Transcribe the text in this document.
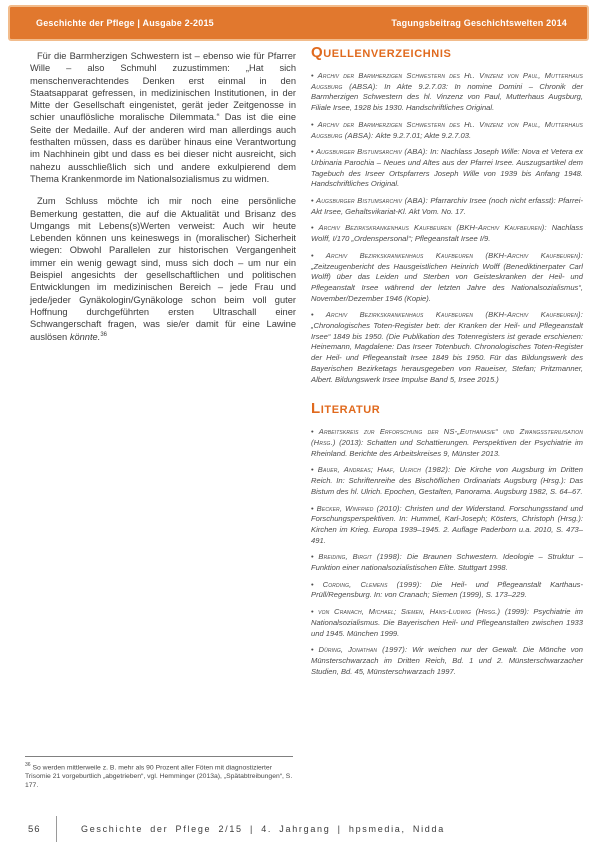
Geschichte der Pflege | Ausgabe 2-2015	Tagungsbeitrag Geschichtswelten 2014

Für die Barmherzigen Schwestern ist – ebenso wie für Pfarrer Wille – also Schmuhl zuzustimmen: „Hat sich menschenverachtendes Denken erst einmal in den Staatsapparat gefressen, in medizinischen Institutionen, in der Mitte der Gesellschaft eingenistet, gerät jeder Zeitgenosse in schier unauflösliche moralische Dilemmata.“ Das ist die eine Seite der Medaille. Auf der anderen wird man allerdings auch festhalten müssen, dass es darüber hinaus eine Verantwortung im Nachhinein gibt und dass es bei dieser nicht ausreicht, sich nahezu ausschließlich sich und andere exkulpierend dem Thema Krankenmorde im Nationalsozialismus zu widmen.

Zum Schluss möchte ich mir noch eine persönliche Bemerkung gestatten, die auf die Aktualität und Brisanz des Umgangs mit Lebens(s)Werten verweist: Auch wir heute Lebenden können uns keineswegs in (moralischer) Sicherheit wiegen: Obwohl Parallelen zur historischen Vergangenheit immer ein wenig gewagt sind, muss sich doch – um nur ein Beispiel angesichts der gesellschaftlichen und politischen Entwicklungen im medizinischen Bereich – jede Frau und jede/jeder Gynäkologin/Gynäkologe schon beim voll guter Hoffnung durchgeführten ersten Ultraschall einer Schwangerschaft fragen, was sie/er damit für eine Lawine auslösen könnte.$^{36}$

Quellenverzeichnis

• Archiv der Barmherzigen Schwestern des Hl. Vinzenz von Paul, Mutterhaus Augsburg (ABSA): In Akte 9.2.7.03: In nomine Domini – Chronik der Barmherzigen Schwestern des hl. Vinzenz von Paul, Mutterhaus Augsburg, Filiale Irsee, 1928 bis 1930. Handschriftliches Original.

• Archiv der Barmherzigen Schwestern des Hl. Vinzenz von Paul, Mutterhaus Augsburg (ABSA): Akte 9.2.7.01; Akte 9.2.7.03.

• Augsburger Bistumsarchiv (ABA): In: Nachlass Joseph Wille: Nova et Vetera ex Urbinaria Parochia – Neues und Altes aus der Pfarrei Irsee. Auszugsartikel dem Tagebuch des Irseer Ortspfarrers Joseph Wille von 1939 bis Anfang 1948. Handschriftliches Original.

• Augsburger Bistumsarchiv (ABA): Pfarrarchiv Irsee (noch nicht erfasst): Pfarrei-Akt Irsee, Gehaltsvikariat-Kl. Akt Vom. No. 17.

• Archiv Bezirkskrankenhaus Kaufbeuren (BKH-Archiv Kaufbeuren): Nachlass Wolff, I/170 „Ordenspersonal“; Pflegeanstalt Irsee I/9.

• Archiv Bezirkskrankenhaus Kaufbeuren (BKH-Archiv Kaufbeuren): „Zeitzeugenbericht des Hausgeistlichen Heinrich Wolff (Benediktinerpater Carl Wolff) über das Leiden und Sterben von Geisteskranken der Heil- und Pflegeanstalt Irsee während der letzten Jahre des Nationalsozialismus“, November/Dezember 1946 (Kopie).

• Archiv Bezirkskrankenhaus Kaufbeuren (BKH-Archiv Kaufbeuren): „Chronologisches Toten-Register betr. der Kranken der Heil- und Pflegeanstalt Irsee“ 1849 bis 1950. (Die Publikation des Totenregisters ist gerade erschienen: Heinemann, Magdalene: Das Irseer Totenbuch. Chronologisches Toten-Register der Heil- und Pflegeanstalt Irsee 1849 bis 1950. Für das Bildungswerk des Bayerischen Bezirketags herausgegeben von Raueiser, Stefan; Pritzmanner, Albert. Bildungswerk Irsee Impulse Band 5, Irsee 2015.)

Literatur

• Arbeitskreis zur Erforschung der NS-„Euthanasie“ und Zwangssterilisation (Hrsg.) (2013): Schatten und Schattierungen. Perspektiven der Psychiatrie im Rheinland. Berichte des Arbeitskreises 9, Münster 2013.

• Bauer, Andreas; Haaf, Ulrich (1982): Die Kirche von Augsburg im Dritten Reich. In: Schriftenreihe des Bischöflichen Ordinariats Augsburg (Hrsg.): Das Bistum des hl. Ulrich. Epochen, Gestalten, Panorama. Augsburg 1982, S. 64–67.

• Becker, Winfried (2010): Christen und der Widerstand. Forschungsstand und Forschungsperspektiven. In: Hummel, Karl-Joseph; Kösters, Christoph (Hrsg.): Kirchen im Krieg. Europa 1939–1945. 2. Auflage Paderborn u.a. 2010, S. 473–491.

• Breiding, Birgit (1998): Die Braunen Schwestern. Ideologie – Struktur – Funktion einer nationalsozialistischen Elite. Stuttgart 1998.

• Cording, Clemens (1999): Die Heil- und Pflegeanstalt Karthaus-Prüll/Regensburg. In: von Cranach; Siemen (1999), S. 173–229.

• von Cranach, Michael; Siemen, Hans-Ludwig (Hrsg.) (1999): Psychiatrie im Nationalsozialismus. Die Bayerischen Heil- und Pflegeanstalten zwischen 1933 und 1945. München 1999.

• Düring, Jonathan (1997): Wir weichen nur der Gewalt. Die Mönche von Münsterschwarzach im Dritten Reich, Bd. 1 und 2. Münsterschwarzacher Studien, Bd. 45, Münsterschwarzach 1997.

$^{36}$ So werden mittlerweile z. B. mehr als 90 Prozent aller Föten mit diagnostizierter Trisomie 21 vorgeburtlich „abgetrieben“, vgl. Hemminger (2013a), „Spätabtreibungen“, S. 177.
56	Geschichte der Pflege 2/15 | 4. Jahrgang | hpsmedia, Nidda
